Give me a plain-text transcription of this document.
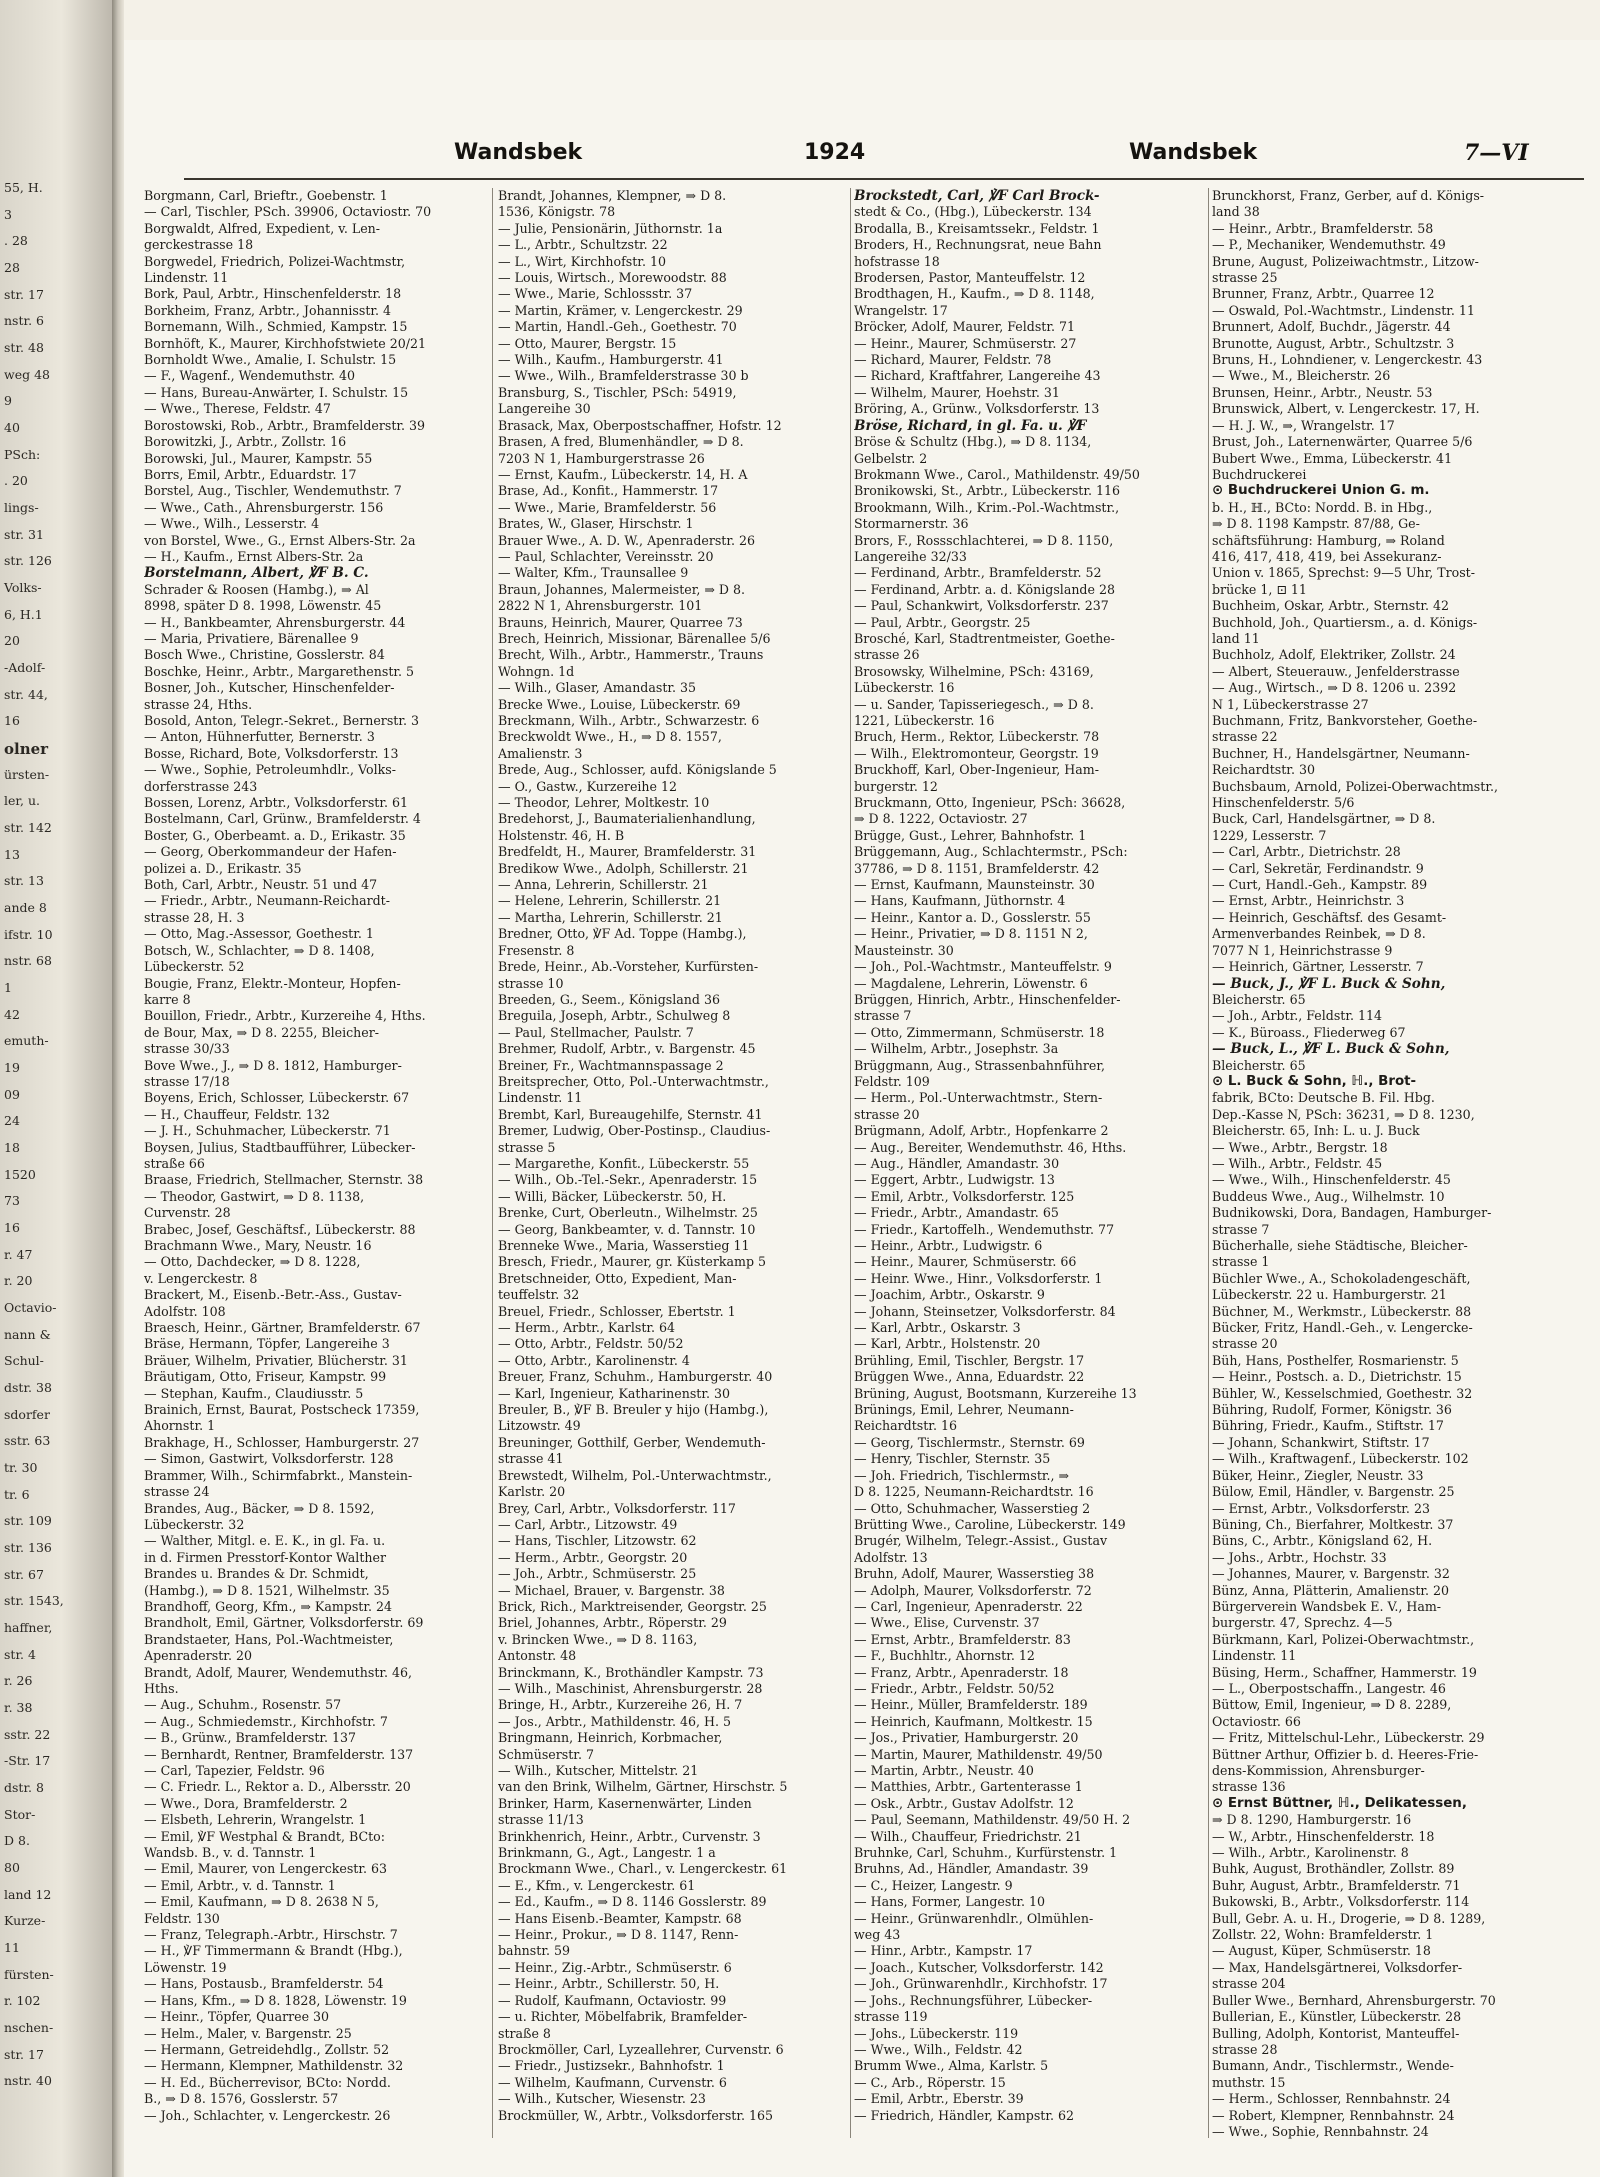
55, H.
3
. 28
28
str. 17
nstr. 6
str. 48
weg 48
9
40
PSch:
. 20
lings-
str. 31
str. 126
Volks-
6, H.1
20
-Adolf-
str. 44,
16
olner
ürsten-
ler, u.
str. 142
13
str. 13
ande 8
ifstr. 10
nstr. 68
1
42
emuth-
19
09
24
18
1520
73
16
r. 47
r. 20
Octavio-
nann &
Schul-
dstr. 38
sdorfer
sstr. 63
tr. 30
tr. 6
str. 109
str. 136
str. 67
str. 1543,
haffner,
str. 4
r. 26
r. 38
sstr. 22
-Str. 17
dstr. 8
Stor-
D 8.
80
land 12
Kurze-
11
fürsten-
r. 102
nschen-
str. 17
nstr. 40
Wandsbek	1924	Wandsbek	7—VI
Borgmann, Carl, Brieftr., Goebenstr. 1
— Carl, Tischler, PSch. 39906, Octaviostr. 70
Borgwaldt, Alfred, Expedient, v. Len-
gerckestrasse 18
Borgwedel, Friedrich, Polizei-Wachtmstr,
Lindenstr. 11
Bork, Paul, Arbtr., Hinschenfelderstr. 18
Borkheim, Franz, Arbtr., Johannisstr. 4
Bornemann, Wilh., Schmied, Kampstr. 15
Bornhöft, K., Maurer, Kirchhofstwiete 20/21
Bornholdt Wwe., Amalie, I. Schulstr. 15
— F., Wagenf., Wendemuthstr. 40
— Hans, Bureau-Anwärter, I. Schulstr. 15
— Wwe., Therese, Feldstr. 47
Borostowski, Rob., Arbtr., Bramfelderstr. 39
Borowitzki, J., Arbtr., Zollstr. 16
Borowski, Jul., Maurer, Kampstr. 55
Borrs, Emil, Arbtr., Eduardstr. 17
Borstel, Aug., Tischler, Wendemuthstr. 7
— Wwe., Cath., Ahrensburgerstr. 156
— Wwe., Wilh., Lesserstr. 4
von Borstel, Wwe., G., Ernst Albers-Str. 2a
— H., Kaufm., Ernst Albers-Str. 2a
Borstelmann, Albert, ℣F B. C.
Schrader & Roosen (Hambg.), ⇒ Al
8998, später D 8. 1998, Löwenstr. 45
— H., Bankbeamter, Ahrensburgerstr. 44
— Maria, Privatiere, Bärenallee 9
Bosch Wwe., Christine, Gosslerstr. 84
Boschke, Heinr., Arbtr., Margarethenstr. 5
Bosner, Joh., Kutscher, Hinschenfelder-
strasse 24, Hths.
Bosold, Anton, Telegr.-Sekret., Bernerstr. 3
— Anton, Hühnerfutter, Bernerstr. 3
Bosse, Richard, Bote, Volksdorferstr. 13
— Wwe., Sophie, Petroleumhdlr., Volks-
dorferstrasse 243
Bossen, Lorenz, Arbtr., Volksdorferstr. 61
Bostelmann, Carl, Grünw., Bramfelderstr. 4
Boster, G., Oberbeamt. a. D., Erikastr. 35
— Georg, Oberkommandeur der Hafen-
polizei a. D., Erikastr. 35
Both, Carl, Arbtr., Neustr. 51 und 47
— Friedr., Arbtr., Neumann-Reichardt-
strasse 28, H. 3
— Otto, Mag.-Assessor, Goethestr. 1
Botsch, W., Schlachter, ⇒ D 8. 1408,
Lübeckerstr. 52
Bougie, Franz, Elektr.-Monteur, Hopfen-
karre 8
Bouillon, Friedr., Arbtr., Kurzereihe 4, Hths.
de Bour, Max, ⇒ D 8. 2255, Bleicher-
strasse 30/33
Bove Wwe., J., ⇒ D 8. 1812, Hamburger-
strasse 17/18
Boyens, Erich, Schlosser, Lübeckerstr. 67
— H., Chauffeur, Feldstr. 132
— J. H., Schuhmacher, Lübeckerstr. 71
Boysen, Julius, Stadtbaufführer, Lübecker-
straße 66
Braase, Friedrich, Stellmacher, Sternstr. 38
— Theodor, Gastwirt, ⇒ D 8. 1138,
Curvenstr. 28
Brabec, Josef, Geschäftsf., Lübeckerstr. 88
Brachmann Wwe., Mary, Neustr. 16
— Otto, Dachdecker, ⇒ D 8. 1228,
v. Lengerckestr. 8
Brackert, M., Eisenb.-Betr.-Ass., Gustav-
Adolfstr. 108
Braesch, Heinr., Gärtner, Bramfelderstr. 67
Bräse, Hermann, Töpfer, Langereihe 3
Bräuer, Wilhelm, Privatier, Blücherstr. 31
Bräutigam, Otto, Friseur, Kampstr. 99
— Stephan, Kaufm., Claudiusstr. 5
Brainich, Ernst, Baurat, Postscheck 17359,
Ahornstr. 1
Brakhage, H., Schlosser, Hamburgerstr. 27
— Simon, Gastwirt, Volksdorferstr. 128
Brammer, Wilh., Schirmfabrkt., Manstein-
strasse 24
Brandes, Aug., Bäcker, ⇒ D 8. 1592,
Lübeckerstr. 32
— Walther, Mitgl. e. E. K., in gl. Fa. u.
in d. Firmen Presstorf-Kontor Walther
Brandes u. Brandes & Dr. Schmidt,
(Hambg.), ⇒ D 8. 1521, Wilhelmstr. 35
Brandhoff, Georg, Kfm., ⇒ Kampstr. 24
Brandholt, Emil, Gärtner, Volksdorferstr. 69
Brandstaeter, Hans, Pol.-Wachtmeister,
Apenraderstr. 20
Brandt, Adolf, Maurer, Wendemuthstr. 46,
Hths.
— Aug., Schuhm., Rosenstr. 57
— Aug., Schmiedemstr., Kirchhofstr. 7
— B., Grünw., Bramfelderstr. 137
— Bernhardt, Rentner, Bramfelderstr. 137
— Carl, Tapezier, Feldstr. 96
— C. Friedr. L., Rektor a. D., Albersstr. 20
— Wwe., Dora, Bramfelderstr. 2
— Elsbeth, Lehrerin, Wrangelstr. 1
— Emil, ℣F Westphal & Brandt, BCto:
Wandsb. B., v. d. Tannstr. 1
— Emil, Maurer, von Lengerckestr. 63
— Emil, Arbtr., v. d. Tannstr. 1
— Emil, Kaufmann, ⇒ D 8. 2638 N 5,
Feldstr. 130
— Franz, Telegraph.-Arbtr., Hirschstr. 7
— H., ℣F Timmermann & Brandt (Hbg.),
Löwenstr. 19
— Hans, Postausb., Bramfelderstr. 54
— Hans, Kfm., ⇒ D 8. 1828, Löwenstr. 19
— Heinr., Töpfer, Quarree 30
— Helm., Maler, v. Bargenstr. 25
— Hermann, Getreidehdlg., Zollstr. 52
— Hermann, Klempner, Mathildenstr. 32
— H. Ed., Bücherrevisor, BCto: Nordd.
B., ⇒ D 8. 1576, Gosslerstr. 57
— Joh., Schlachter, v. Lengerckestr. 26
Brandt, Johannes, Klempner, ⇒ D 8.
1536, Königstr. 78
— Julie, Pensionärin, Jüthornstr. 1a
— L., Arbtr., Schultzstr. 22
— L., Wirt, Kirchhofstr. 10
— Louis, Wirtsch., Morewoodstr. 88
— Wwe., Marie, Schlossstr. 37
— Martin, Krämer, v. Lengerckestr. 29
— Martin, Handl.-Geh., Goethestr. 70
— Otto, Maurer, Bergstr. 15
— Wilh., Kaufm., Hamburgerstr. 41
— Wwe., Wilh., Bramfelderstrasse 30 b
Bransburg, S., Tischler, PSch: 54919,
Langereihe 30
Brasack, Max, Oberpostschaffner, Hofstr. 12
Brasen, A fred, Blumenhändler, ⇒ D 8.
7203 N 1, Hamburgerstrasse 26
— Ernst, Kaufm., Lübeckerstr. 14, H. A
Brase, Ad., Konfit., Hammerstr. 17
— Wwe., Marie, Bramfelderstr. 56
Brates, W., Glaser, Hirschstr. 1
Brauer Wwe., A. D. W., Apenraderstr. 26
— Paul, Schlachter, Vereinsstr. 20
— Walter, Kfm., Traunsallee 9
Braun, Johannes, Malermeister, ⇒ D 8.
2822 N 1, Ahrensburgerstr. 101
Brauns, Heinrich, Maurer, Quarree 73
Brech, Heinrich, Missionar, Bärenallee 5/6
Brecht, Wilh., Arbtr., Hammerstr., Trauns
Wohngn. 1d
— Wilh., Glaser, Amandastr. 35
Brecke Wwe., Louise, Lübeckerstr. 69
Breckmann, Wilh., Arbtr., Schwarzestr. 6
Breckwoldt Wwe., H., ⇒ D 8. 1557,
Amalienstr. 3
Brede, Aug., Schlosser, aufd. Königslande 5
— O., Gastw., Kurzereihe 12
— Theodor, Lehrer, Moltkestr. 10
Bredehorst, J., Baumaterialienhandlung,
Holstenstr. 46, H. B
Bredfeldt, H., Maurer, Bramfelderstr. 31
Bredikow Wwe., Adolph, Schillerstr. 21
— Anna, Lehrerin, Schillerstr. 21
— Helene, Lehrerin, Schillerstr. 21
— Martha, Lehrerin, Schillerstr. 21
Bredner, Otto, ℣F Ad. Toppe (Hambg.),
Fresenstr. 8
Brede, Heinr., Ab.-Vorsteher, Kurfürsten-
strasse 10
Breeden, G., Seem., Königsland 36
Breguila, Joseph, Arbtr., Schulweg 8
— Paul, Stellmacher, Paulstr. 7
Brehmer, Rudolf, Arbtr., v. Bargenstr. 45
Breiner, Fr., Wachtmannspassage 2
Breitsprecher, Otto, Pol.-Unterwachtmstr.,
Lindenstr. 11
Brembt, Karl, Bureaugehilfe, Sternstr. 41
Bremer, Ludwig, Ober-Postinsp., Claudius-
strasse 5
— Margarethe, Konfit., Lübeckerstr. 55
— Wilh., Ob.-Tel.-Sekr., Apenraderstr. 15
— Willi, Bäcker, Lübeckerstr. 50, H.
Brenke, Curt, Oberleutn., Wilhelmstr. 25
— Georg, Bankbeamter, v. d. Tannstr. 10
Brenneke Wwe., Maria, Wasserstieg 11
Bresch, Friedr., Maurer, gr. Küsterkamp 5
Bretschneider, Otto, Expedient, Man-
teuffelstr. 32
Breuel, Friedr., Schlosser, Ebertstr. 1
— Herm., Arbtr., Karlstr. 64
— Otto, Arbtr., Feldstr. 50/52
— Otto, Arbtr., Karolinenstr. 4
Breuer, Franz, Schuhm., Hamburgerstr. 40
— Karl, Ingenieur, Katharinenstr. 30
Breuler, B., ℣F B. Breuler y hijo (Hambg.),
Litzowstr. 49
Breuninger, Gotthilf, Gerber, Wendemuth-
strasse 41
Brewstedt, Wilhelm, Pol.-Unterwachtmstr.,
Karlstr. 20
Brey, Carl, Arbtr., Volksdorferstr. 117
— Carl, Arbtr., Litzowstr. 49
— Hans, Tischler, Litzowstr. 62
— Herm., Arbtr., Georgstr. 20
— Joh., Arbtr., Schmüserstr. 25
— Michael, Brauer, v. Bargenstr. 38
Brick, Rich., Marktreisender, Georgstr. 25
Briel, Johannes, Arbtr., Röperstr. 29
v. Brincken Wwe., ⇒ D 8. 1163,
Antonstr. 48
Brinckmann, K., Brothändler Kampstr. 73
— Wilh., Maschinist, Ahrensburgerstr. 28
Bringe, H., Arbtr., Kurzereihe 26, H. 7
— Jos., Arbtr., Mathildenstr. 46, H. 5
Bringmann, Heinrich, Korbmacher,
Schmüserstr. 7
— Wilh., Kutscher, Mittelstr. 21
van den Brink, Wilhelm, Gärtner, Hirschstr. 5
Brinker, Harm, Kasernenwärter, Linden
strasse 11/13
Brinkhenrich, Heinr., Arbtr., Curvenstr. 3
Brinkmann, G., Agt., Langestr. 1 a
Brockmann Wwe., Charl., v. Lengerckestr. 61
— E., Kfm., v. Lengerckestr. 61
— Ed., Kaufm., ⇒ D 8. 1146 Gosslerstr. 89
— Hans Eisenb.-Beamter, Kampstr. 68
— Heinr., Prokur., ⇒ D 8. 1147, Renn-
bahnstr. 59
— Heinr., Zig.-Arbtr., Schmüserstr. 6
— Heinr., Arbtr., Schillerstr. 50, H.
— Rudolf, Kaufmann, Octaviostr. 99
— u. Richter, Möbelfabrik, Bramfelder-
straße 8
Brockmöller, Carl, Lyzeallehrer, Curvenstr. 6
— Friedr., Justizsekr., Bahnhofstr. 1
— Wilhelm, Kaufmann, Curvenstr. 6
— Wilh., Kutscher, Wiesenstr. 23
Brockmüller, W., Arbtr., Volksdorferstr. 165
Brockstedt, Carl, ℣F Carl Brock-
stedt & Co., (Hbg.), Lübeckerstr. 134
Brodalla, B., Kreisamtssekr., Feldstr. 1
Broders, H., Rechnungsrat, neue Bahn
hofstrasse 18
Brodersen, Pastor, Manteuffelstr. 12
Brodthagen, H., Kaufm., ⇒ D 8. 1148,
Wrangelstr. 17
Bröcker, Adolf, Maurer, Feldstr. 71
— Heinr., Maurer, Schmüserstr. 27
— Richard, Maurer, Feldstr. 78
— Richard, Kraftfahrer, Langereihe 43
— Wilhelm, Maurer, Hoehstr. 31
Bröring, A., Grünw., Volksdorferstr. 13
Bröse, Richard, in gl. Fa. u. ℣F
Bröse & Schultz (Hbg.), ⇒ D 8. 1134,
Gelbelstr. 2
Brokmann Wwe., Carol., Mathildenstr. 49/50
Bronikowski, St., Arbtr., Lübeckerstr. 116
Brookmann, Wilh., Krim.-Pol.-Wachtmstr.,
Stormarnerstr. 36
Brors, F., Rossschlachterei, ⇒ D 8. 1150,
Langereihe 32/33
— Ferdinand, Arbtr., Bramfelderstr. 52
— Ferdinand, Arbtr. a. d. Königslande 28
— Paul, Schankwirt, Volksdorferstr. 237
— Paul, Arbtr., Georgstr. 25
Brosché, Karl, Stadtrentmeister, Goethe-
strasse 26
Brosowsky, Wilhelmine, PSch: 43169,
Lübeckerstr. 16
— u. Sander, Tapisseriegesch., ⇒ D 8.
1221, Lübeckerstr. 16
Bruch, Herm., Rektor, Lübeckerstr. 78
— Wilh., Elektromonteur, Georgstr. 19
Bruckhoff, Karl, Ober-Ingenieur, Ham-
burgerstr. 12
Bruckmann, Otto, Ingenieur, PSch: 36628,
⇒ D 8. 1222, Octaviostr. 27
Brügge, Gust., Lehrer, Bahnhofstr. 1
Brüggemann, Aug., Schlachtermstr., PSch:
37786, ⇒ D 8. 1151, Bramfelderstr. 42
— Ernst, Kaufmann, Maunsteinstr. 30
— Hans, Kaufmann, Jüthornstr. 4
— Heinr., Kantor a. D., Gosslerstr. 55
— Heinr., Privatier, ⇒ D 8. 1151 N 2,
Mausteinstr. 30
— Joh., Pol.-Wachtmstr., Manteuffelstr. 9
— Magdalene, Lehrerin, Löwenstr. 6
Brüggen, Hinrich, Arbtr., Hinschenfelder-
strasse 7
— Otto, Zimmermann, Schmüserstr. 18
— Wilhelm, Arbtr., Josephstr. 3a
Brüggmann, Aug., Strassenbahnführer,
Feldstr. 109
— Herm., Pol.-Unterwachtmstr., Stern-
strasse 20
Brügmann, Adolf, Arbtr., Hopfenkarre 2
— Aug., Bereiter, Wendemuthstr. 46, Hths.
— Aug., Händler, Amandastr. 30
— Eggert, Arbtr., Ludwigstr. 13
— Emil, Arbtr., Volksdorferstr. 125
— Friedr., Arbtr., Amandastr. 65
— Friedr., Kartoffelh., Wendemuthstr. 77
— Heinr., Arbtr., Ludwigstr. 6
— Heinr., Maurer, Schmüserstr. 66
— Heinr. Wwe., Hinr., Volksdorferstr. 1
— Joachim, Arbtr., Oskarstr. 9
— Johann, Steinsetzer, Volksdorferstr. 84
— Karl, Arbtr., Oskarstr. 3
— Karl, Arbtr., Holstenstr. 20
Brühling, Emil, Tischler, Bergstr. 17
Brüggen Wwe., Anna, Eduardstr. 22
Brüning, August, Bootsmann, Kurzereihe 13
Brünings, Emil, Lehrer, Neumann-
Reichardtstr. 16
— Georg, Tischlermstr., Sternstr. 69
— Henry, Tischler, Sternstr. 35
— Joh. Friedrich, Tischlermstr., ⇒
D 8. 1225, Neumann-Reichardtstr. 16
— Otto, Schuhmacher, Wasserstieg 2
Brütting Wwe., Caroline, Lübeckerstr. 149
Brugér, Wilhelm, Telegr.-Assist., Gustav
Adolfstr. 13
Bruhn, Adolf, Maurer, Wasserstieg 38
— Adolph, Maurer, Volksdorferstr. 72
— Carl, Ingenieur, Apenraderstr. 22
— Wwe., Elise, Curvenstr. 37
— Ernst, Arbtr., Bramfelderstr. 83
— F., Buchhltr., Ahornstr. 12
— Franz, Arbtr., Apenraderstr. 18
— Friedr., Arbtr., Feldstr. 50/52
— Heinr., Müller, Bramfelderstr. 189
— Heinrich, Kaufmann, Moltkestr. 15
— Jos., Privatier, Hamburgerstr. 20
— Martin, Maurer, Mathildenstr. 49/50
— Martin, Arbtr., Neustr. 40
— Matthies, Arbtr., Gartenterasse 1
— Osk., Arbtr., Gustav Adolfstr. 12
— Paul, Seemann, Mathildenstr. 49/50 H. 2
— Wilh., Chauffeur, Friedrichstr. 21
Bruhnke, Carl, Schuhm., Kurfürstenstr. 1
Bruhns, Ad., Händler, Amandastr. 39
— C., Heizer, Langestr. 9
— Hans, Former, Langestr. 10
— Heinr., Grünwarenhdlr., Olmühlen-
weg 43
— Hinr., Arbtr., Kampstr. 17
— Joach., Kutscher, Volksdorferstr. 142
— Joh., Grünwarenhdlr., Kirchhofstr. 17
— Johs., Rechnungsführer, Lübecker-
strasse 119
— Johs., Lübeckerstr. 119
— Wwe., Wilh., Feldstr. 42
Brumm Wwe., Alma, Karlstr. 5
— C., Arb., Röperstr. 15
— Emil, Arbtr., Eberstr. 39
— Friedrich, Händler, Kampstr. 62
Brunckhorst, Franz, Gerber, auf d. Königs-
land 38
— Heinr., Arbtr., Bramfelderstr. 58
— P., Mechaniker, Wendemuthstr. 49
Brune, August, Polizeiwachtmstr., Litzow-
strasse 25
Brunner, Franz, Arbtr., Quarree 12
— Oswald, Pol.-Wachtmstr., Lindenstr. 11
Brunnert, Adolf, Buchdr., Jägerstr. 44
Brunotte, August, Arbtr., Schultzstr. 3
Bruns, H., Lohndiener, v. Lengerckestr. 43
— Wwe., M., Bleicherstr. 26
Brunsen, Heinr., Arbtr., Neustr. 53
Brunswick, Albert, v. Lengerckestr. 17, H.
— H. J. W., ⇒, Wrangelstr. 17
Brust, Joh., Laternenwärter, Quarree 5/6
Bubert Wwe., Emma, Lübeckerstr. 41
Buchdruckerei
⊙ Buchdruckerei Union G. m.
b. H., ℍ., BCto: Nordd. B. in Hbg.,
⇒ D 8. 1198 Kampstr. 87/88, Ge-
schäftsführung: Hamburg, ⇒ Roland
416, 417, 418, 419, bei Assekuranz-
Union v. 1865, Sprechst: 9—5 Uhr, Trost-
brücke 1, ⊡ 11
Buchheim, Oskar, Arbtr., Sternstr. 42
Buchhold, Joh., Quartiersm., a. d. Königs-
land 11
Buchholz, Adolf, Elektriker, Zollstr. 24
— Albert, Steuerauw., Jenfelderstrasse
— Aug., Wirtsch., ⇒ D 8. 1206 u. 2392
N 1, Lübeckerstrasse 27
Buchmann, Fritz, Bankvorsteher, Goethe-
strasse 22
Buchner, H., Handelsgärtner, Neumann-
Reichardtstr. 30
Buchsbaum, Arnold, Polizei-Oberwachtmstr.,
Hinschenfelderstr. 5/6
Buck, Carl, Handelsgärtner, ⇒ D 8.
1229, Lesserstr. 7
— Carl, Arbtr., Dietrichstr. 28
— Carl, Sekretär, Ferdinandstr. 9
— Curt, Handl.-Geh., Kampstr. 89
— Ernst, Arbtr., Heinrichstr. 3
— Heinrich, Geschäftsf. des Gesamt-
Armenverbandes Reinbek, ⇒ D 8.
7077 N 1, Heinrichstrasse 9
— Heinrich, Gärtner, Lesserstr. 7
— Buck, J., ℣F L. Buck & Sohn,
Bleicherstr. 65
— Joh., Arbtr., Feldstr. 114
— K., Büroass., Fliederweg 67
— Buck, L., ℣F L. Buck & Sohn,
Bleicherstr. 65
⊙ L. Buck & Sohn, ℍ., Brot-
fabrik, BCto: Deutsche B. Fil. Hbg.
Dep.-Kasse N, PSch: 36231, ⇒ D 8. 1230,
Bleicherstr. 65, Inh: L. u. J. Buck
— Wwe., Arbtr., Bergstr. 18
— Wilh., Arbtr., Feldstr. 45
— Wwe., Wilh., Hinschenfelderstr. 45
Buddeus Wwe., Aug., Wilhelmstr. 10
Budnikowski, Dora, Bandagen, Hamburger-
strasse 7
Bücherhalle, siehe Städtische, Bleicher-
strasse 1
Büchler Wwe., A., Schokoladengeschäft,
Lübeckerstr. 22 u. Hamburgerstr. 21
Büchner, M., Werkmstr., Lübeckerstr. 88
Bücker, Fritz, Handl.-Geh., v. Lengercke-
strasse 20
Büh, Hans, Posthelfer, Rosmarienstr. 5
— Heinr., Postsch. a. D., Dietrichstr. 15
Bühler, W., Kesselschmied, Goethestr. 32
Bühring, Rudolf, Former, Königstr. 36
Bühring, Friedr., Kaufm., Stiftstr. 17
— Johann, Schankwirt, Stiftstr. 17
— Wilh., Kraftwagenf., Lübeckerstr. 102
Büker, Heinr., Ziegler, Neustr. 33
Bülow, Emil, Händler, v. Bargenstr. 25
— Ernst, Arbtr., Volksdorferstr. 23
Büning, Ch., Bierfahrer, Moltkestr. 37
Büns, C., Arbtr., Königsland 62, H.
— Johs., Arbtr., Hochstr. 33
— Johannes, Maurer, v. Bargenstr. 32
Bünz, Anna, Plätterin, Amalienstr. 20
Bürgerverein Wandsbek E. V., Ham-
burgerstr. 47, Sprechz. 4—5
Bürkmann, Karl, Polizei-Oberwachtmstr.,
Lindenstr. 11
Büsing, Herm., Schaffner, Hammerstr. 19
— L., Oberpostschaffn., Langestr. 46
Büttow, Emil, Ingenieur, ⇒ D 8. 2289,
Octaviostr. 66
— Fritz, Mittelschul-Lehr., Lübeckerstr. 29
Büttner Arthur, Offizier b. d. Heeres-Frie-
dens-Kommission, Ahrensburger-
strasse 136
⊙ Ernst Büttner, ℍ., Delikatessen,
⇒ D 8. 1290, Hamburgerstr. 16
— W., Arbtr., Hinschenfelderstr. 18
— Wilh., Arbtr., Karolinenstr. 8
Buhk, August, Brothändler, Zollstr. 89
Buhr, August, Arbtr., Bramfelderstr. 71
Bukowski, B., Arbtr., Volksdorferstr. 114
Bull, Gebr. A. u. H., Drogerie, ⇒ D 8. 1289,
Zollstr. 22, Wohn: Bramfelderstr. 1
— August, Küper, Schmüserstr. 18
— Max, Handelsgärtnerei, Volksdorfer-
strasse 204
Buller Wwe., Bernhard, Ahrensburgerstr. 70
Bullerian, E., Künstler, Lübeckerstr. 28
Bulling, Adolph, Kontorist, Manteuffel-
strasse 28
Bumann, Andr., Tischlermstr., Wende-
muthstr. 15
— Herm., Schlosser, Rennbahnstr. 24
— Robert, Klempner, Rennbahnstr. 24
— Wwe., Sophie, Rennbahnstr. 24
